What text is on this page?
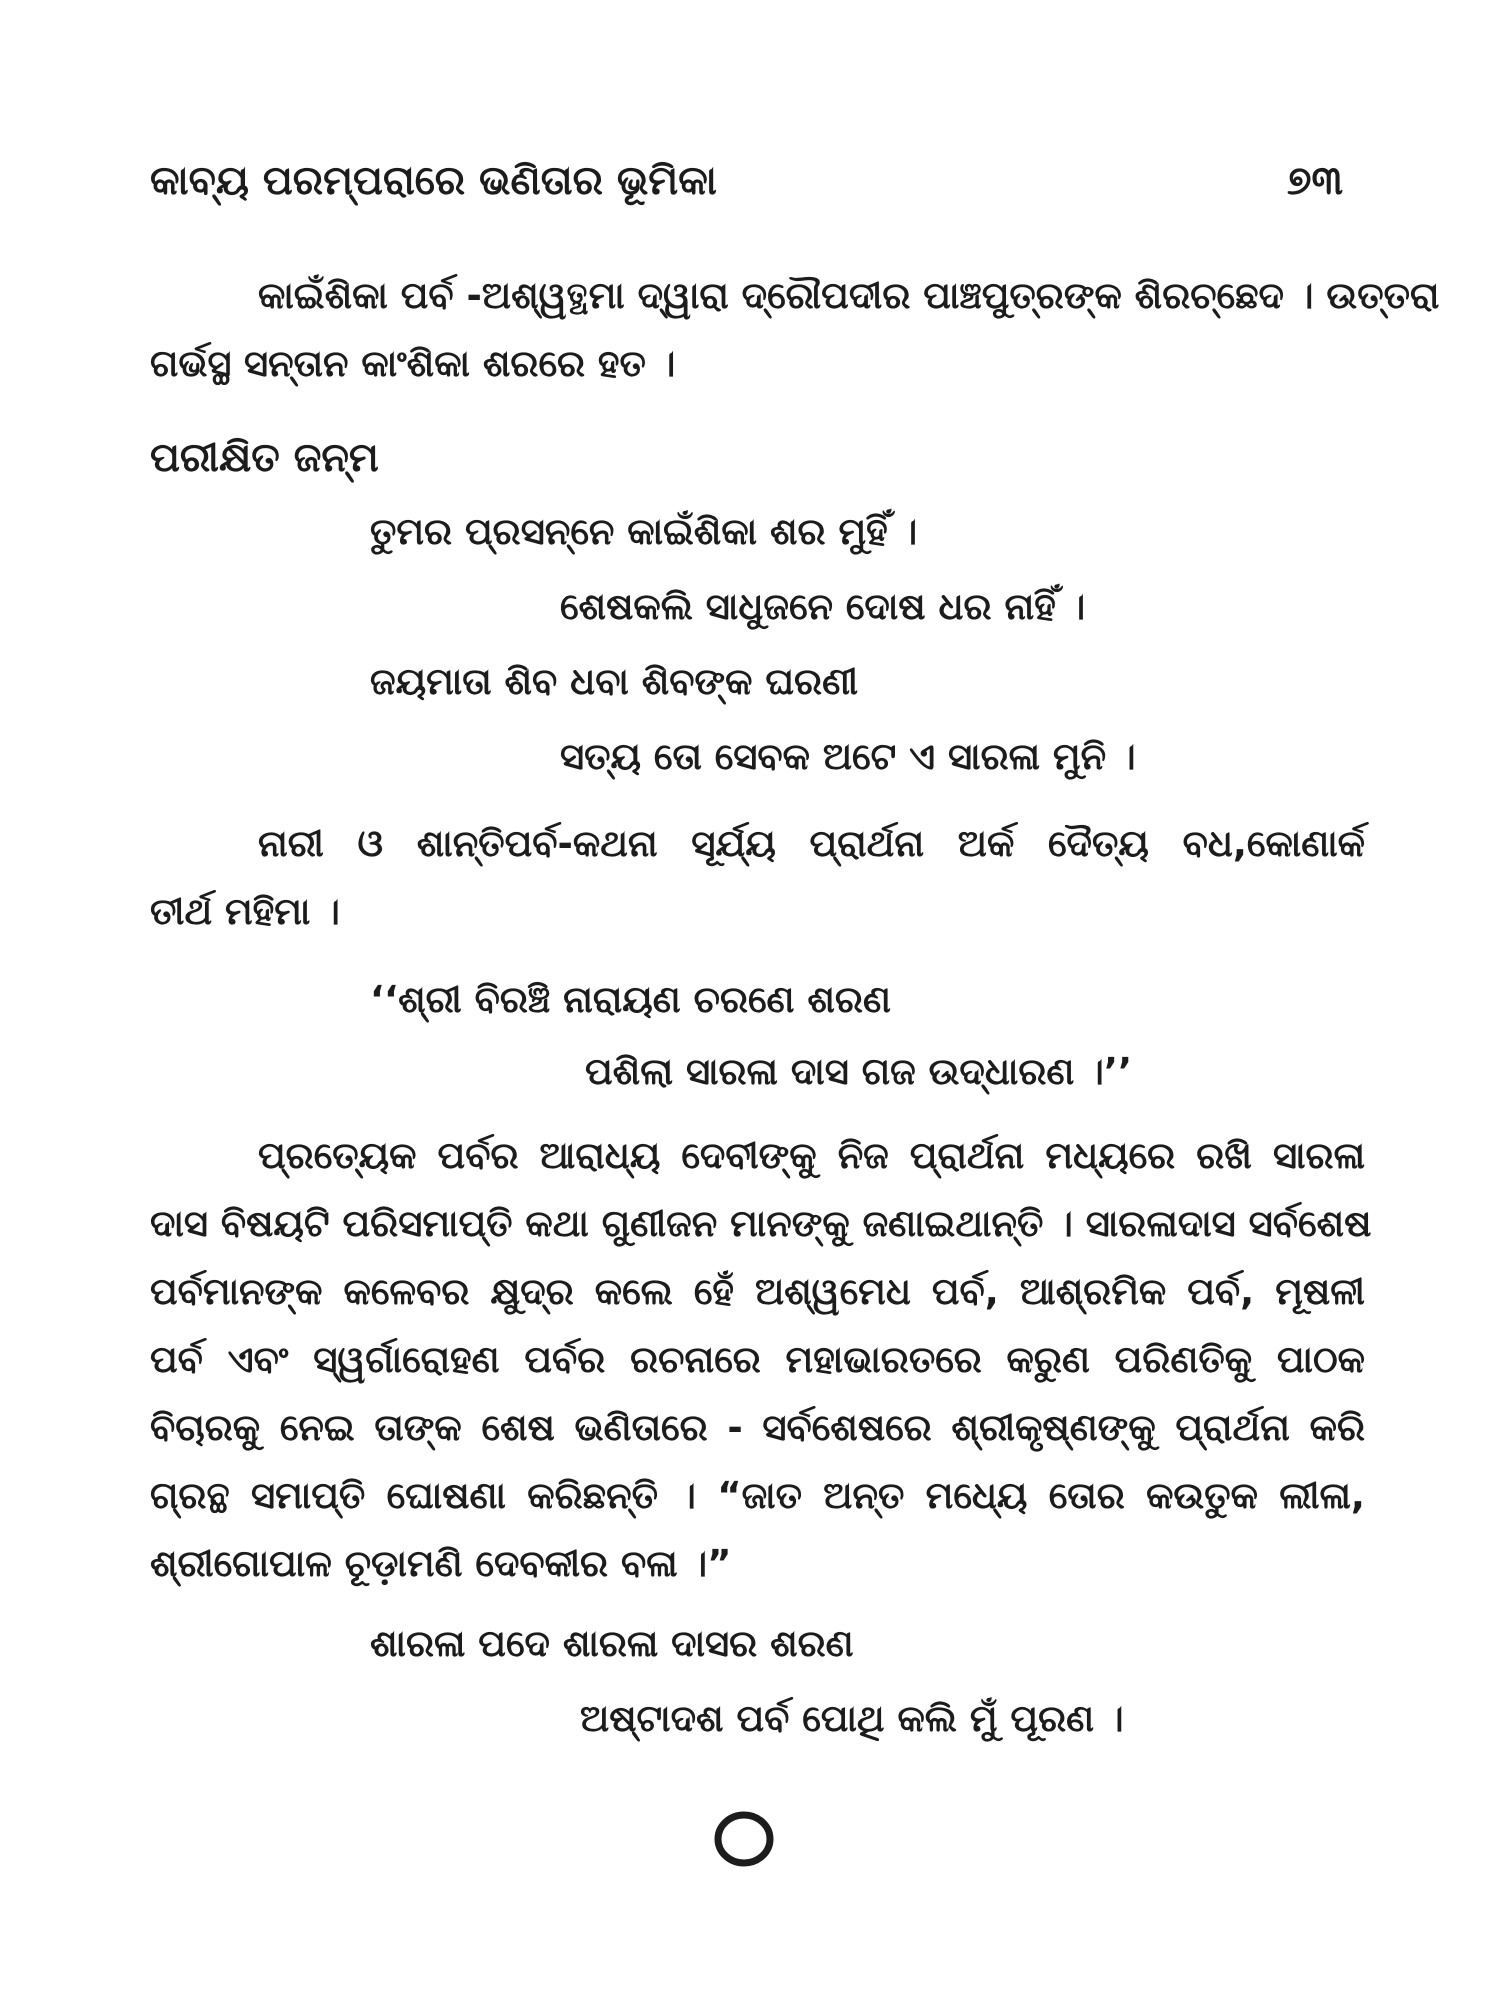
କାବ୍ୟ ପରମ୍ପରାରେ ଭଣିତାର ଭୂମିକା	୭୩
କାଇଁଶିକା ପର୍ବ -ଅଶ୍ୱତ୍ଥମା ଦ୍ୱାରା ଦ୍ରୌପଦୀର ପାଞ୍ଚପୁତ୍ରଙ୍କ ଶିରଚ୍ଛେଦ । ଉତ୍ତରା
ଗର୍ଭସ୍ଥ ସନ୍ତାନ କାଂଶିକା ଶରରେ ହତ ।
ପରୀକ୍ଷିତ ଜନ୍ମ
ତୁମର ପ୍ରସନ୍ନେ କାଇଁଶିକା ଶର ମୁହିଁ ।
ଶେଷକଲି ସାଧୁଜନେ ଦୋଷ ଧର ନାହିଁ ।
ଜୟମାତା ଶିବ ଧବା ଶିବଙ୍କ ଘରଣୀ
ସତ୍ୟ ତୋ ସେବକ ଅଟେ ଏ ସାରଳା ମୁନି ।
ନାରୀ ଓ ଶାନ୍ତିପର୍ବ-କଥନା ସୂର୍ଯ୍ୟ ପ୍ରାର୍ଥନା ଅର୍କ ଦୈତ୍ୟ ବଧ,କୋଣାର୍କ
ତୀର୍ଥ ମହିମା ।
‘‘ଶ୍ରୀ ବିରଞ୍ଚି ନାରାୟଣ ଚରଣେ ଶରଣ
ପଶିଲା ସାରଳା ଦାସ ଗଜ ଉଦ୍ଧାରଣ ।’’
ପ୍ରତ୍ୟେକ ପର୍ବର ଆରାଧ୍ୟ ଦେବୀଙ୍କୁ ନିଜ ପ୍ରାର୍ଥନା ମଧ୍ୟରେ ରଖି ସାରଳା
ଦାସ ବିଷୟଟି ପରିସମାପ୍ତି କଥା ଗୁଣୀଜନ ମାନଙ୍କୁ ଜଣାଇଥାନ୍ତି । ସାରଳାଦାସ ସର୍ବଶେଷ
ପର୍ବମାନଙ୍କ କଳେବର କ୍ଷୁଦ୍ର କଲେ ହେଁ ଅଶ୍ୱମେଧ ପର୍ବ, ଆଶ୍ରମିକ ପର୍ବ, ମୂଷଳୀ
ପର୍ବ ଏବଂ ସ୍ୱର୍ଗାରୋହଣ ପର୍ବର ରଚନାରେ ମହାଭାରତରେ କରୁଣ ପରିଣତିକୁ ପାଠକ
ବିଚାରକୁ ନେଇ ତାଙ୍କ ଶେଷ ଭଣିତାରେ - ସର୍ବଶେଷରେ ଶ୍ରୀକୃଷ୍ଣଙ୍କୁ ପ୍ରାର୍ଥନା କରି
ଗ୍ରନ୍ଥ ସମାପ୍ତି ଘୋଷଣା କରିଛନ୍ତି । “ଜାତ ଅନ୍ତ ମଧ୍ୟେ ତୋର କଉତୁକ ଲୀଳା,
ଶ୍ରୀଗୋପାଳ ଚୂଡ଼ାମଣି ଦେବକୀର ବଳା ।”
ଶାରଳା ପଦେ ଶାରଳା ଦାସର ଶରଣ
ଅଷ୍ଟାଦଶ ପର୍ବ ପୋଥି କଲି ମୁଁ ପୂରଣ ।
